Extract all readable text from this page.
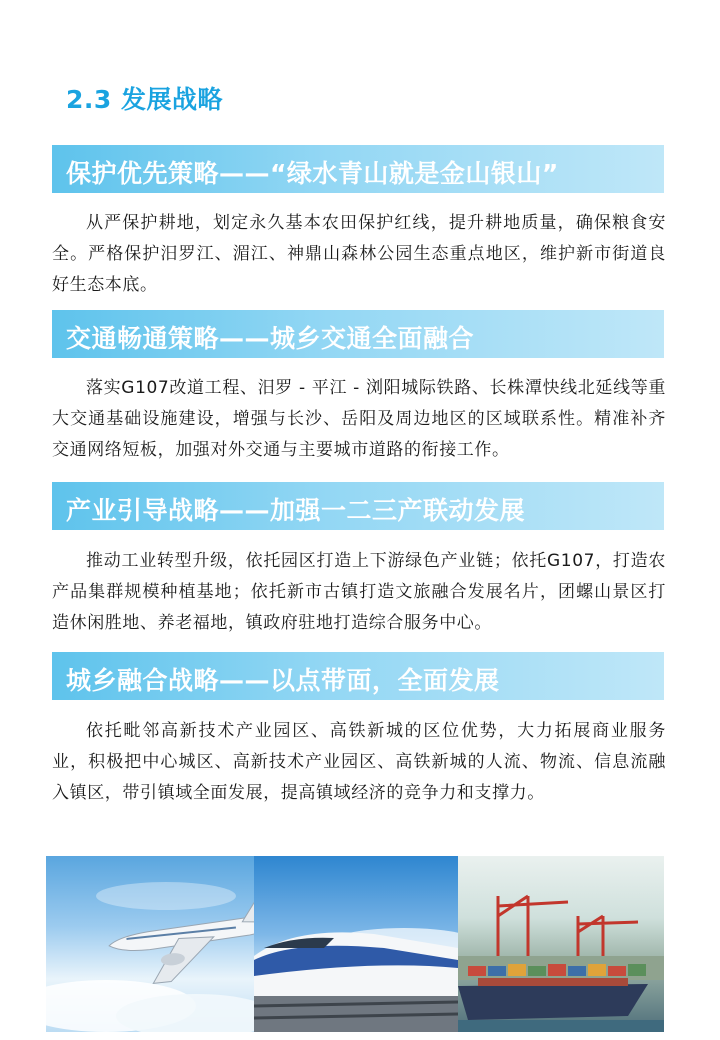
2.3 发展战略
保护优先策略——“绿水青山就是金山银山”
从严保护耕地，划定永久基本农田保护红线，提升耕地质量，确保粮食安全。严格保护汨罗江、湄江、神鼎山森林公园生态重点地区，维护新市街道良好生态本底。
交通畅通策略——城乡交通全面融合
落实G107改道工程、汨罗 - 平江 - 浏阳城际铁路、长株潭快线北延线等重大交通基础设施建设，增强与长沙、岳阳及周边地区的区域联系性。精准补齐交通网络短板，加强对外交通与主要城市道路的衔接工作。
产业引导战略——加强一二三产联动发展
推动工业转型升级，依托园区打造上下游绿色产业链；依托G107，打造农产品集群规模种植基地；依托新市古镇打造文旅融合发展名片，团螺山景区打造休闲胜地、养老福地，镇政府驻地打造综合服务中心。
城乡融合战略——以点带面，全面发展
依托毗邻高新技术产业园区、高铁新城的区位优势，大力拓展商业服务业，积极把中心城区、高新技术产业园区、高铁新城的人流、物流、信息流融入镇区，带引镇域全面发展，提高镇域经济的竞争力和支撑力。
